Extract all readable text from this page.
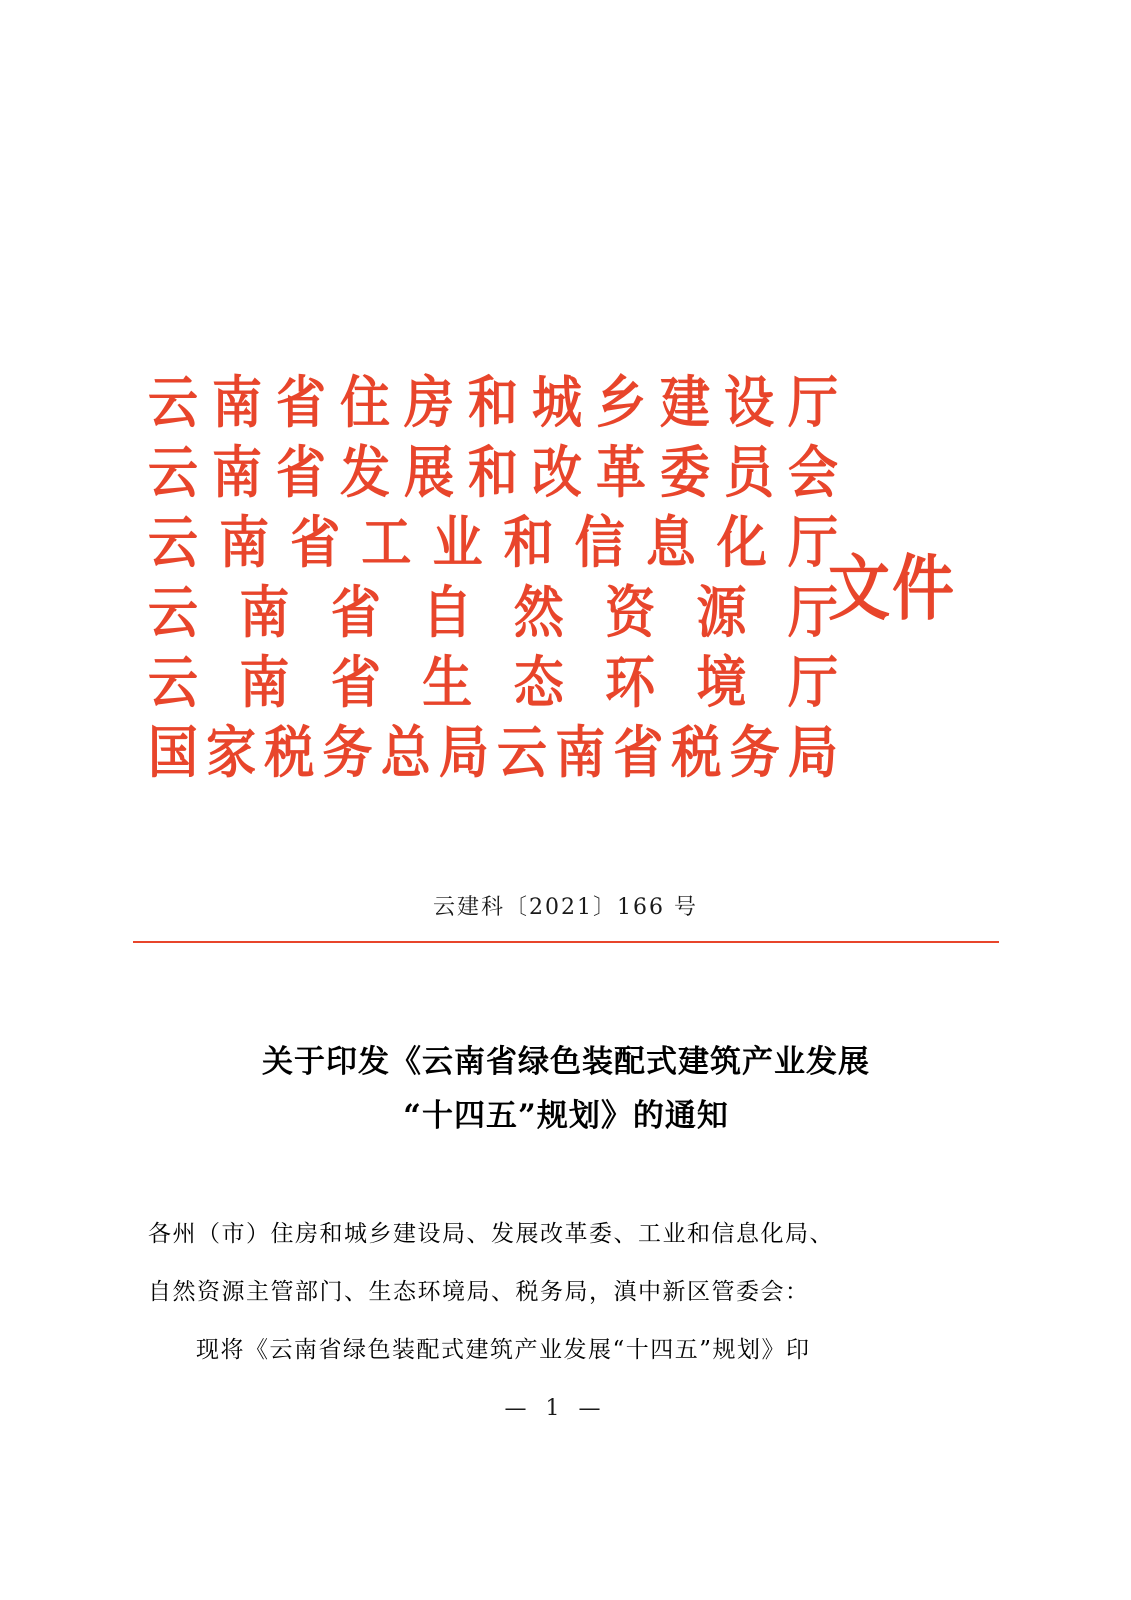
云 南 省 住 房 和 城 乡 建 设 厅
云 南 省 发 展 和 改 革 委 员 会
云 南 省 工 业 和 信 息 化 厅
云 南 省 自 然 资 源 厅
云 南 省 生 态 环 境 厅
国 家 税 务 总 局 云 南 省 税 务 局
文件
云建科〔2021〕166 号
关于印发《云南省绿色装配式建筑产业发展
“十四五”规划》的通知
各州（市）住房和城乡建设局、发展改革委、工业和信息化局、
自然资源主管部门、生态环境局、税务局，滇中新区管委会：
现将《云南省绿色装配式建筑产业发展“十四五”规划》印
— 1 —
